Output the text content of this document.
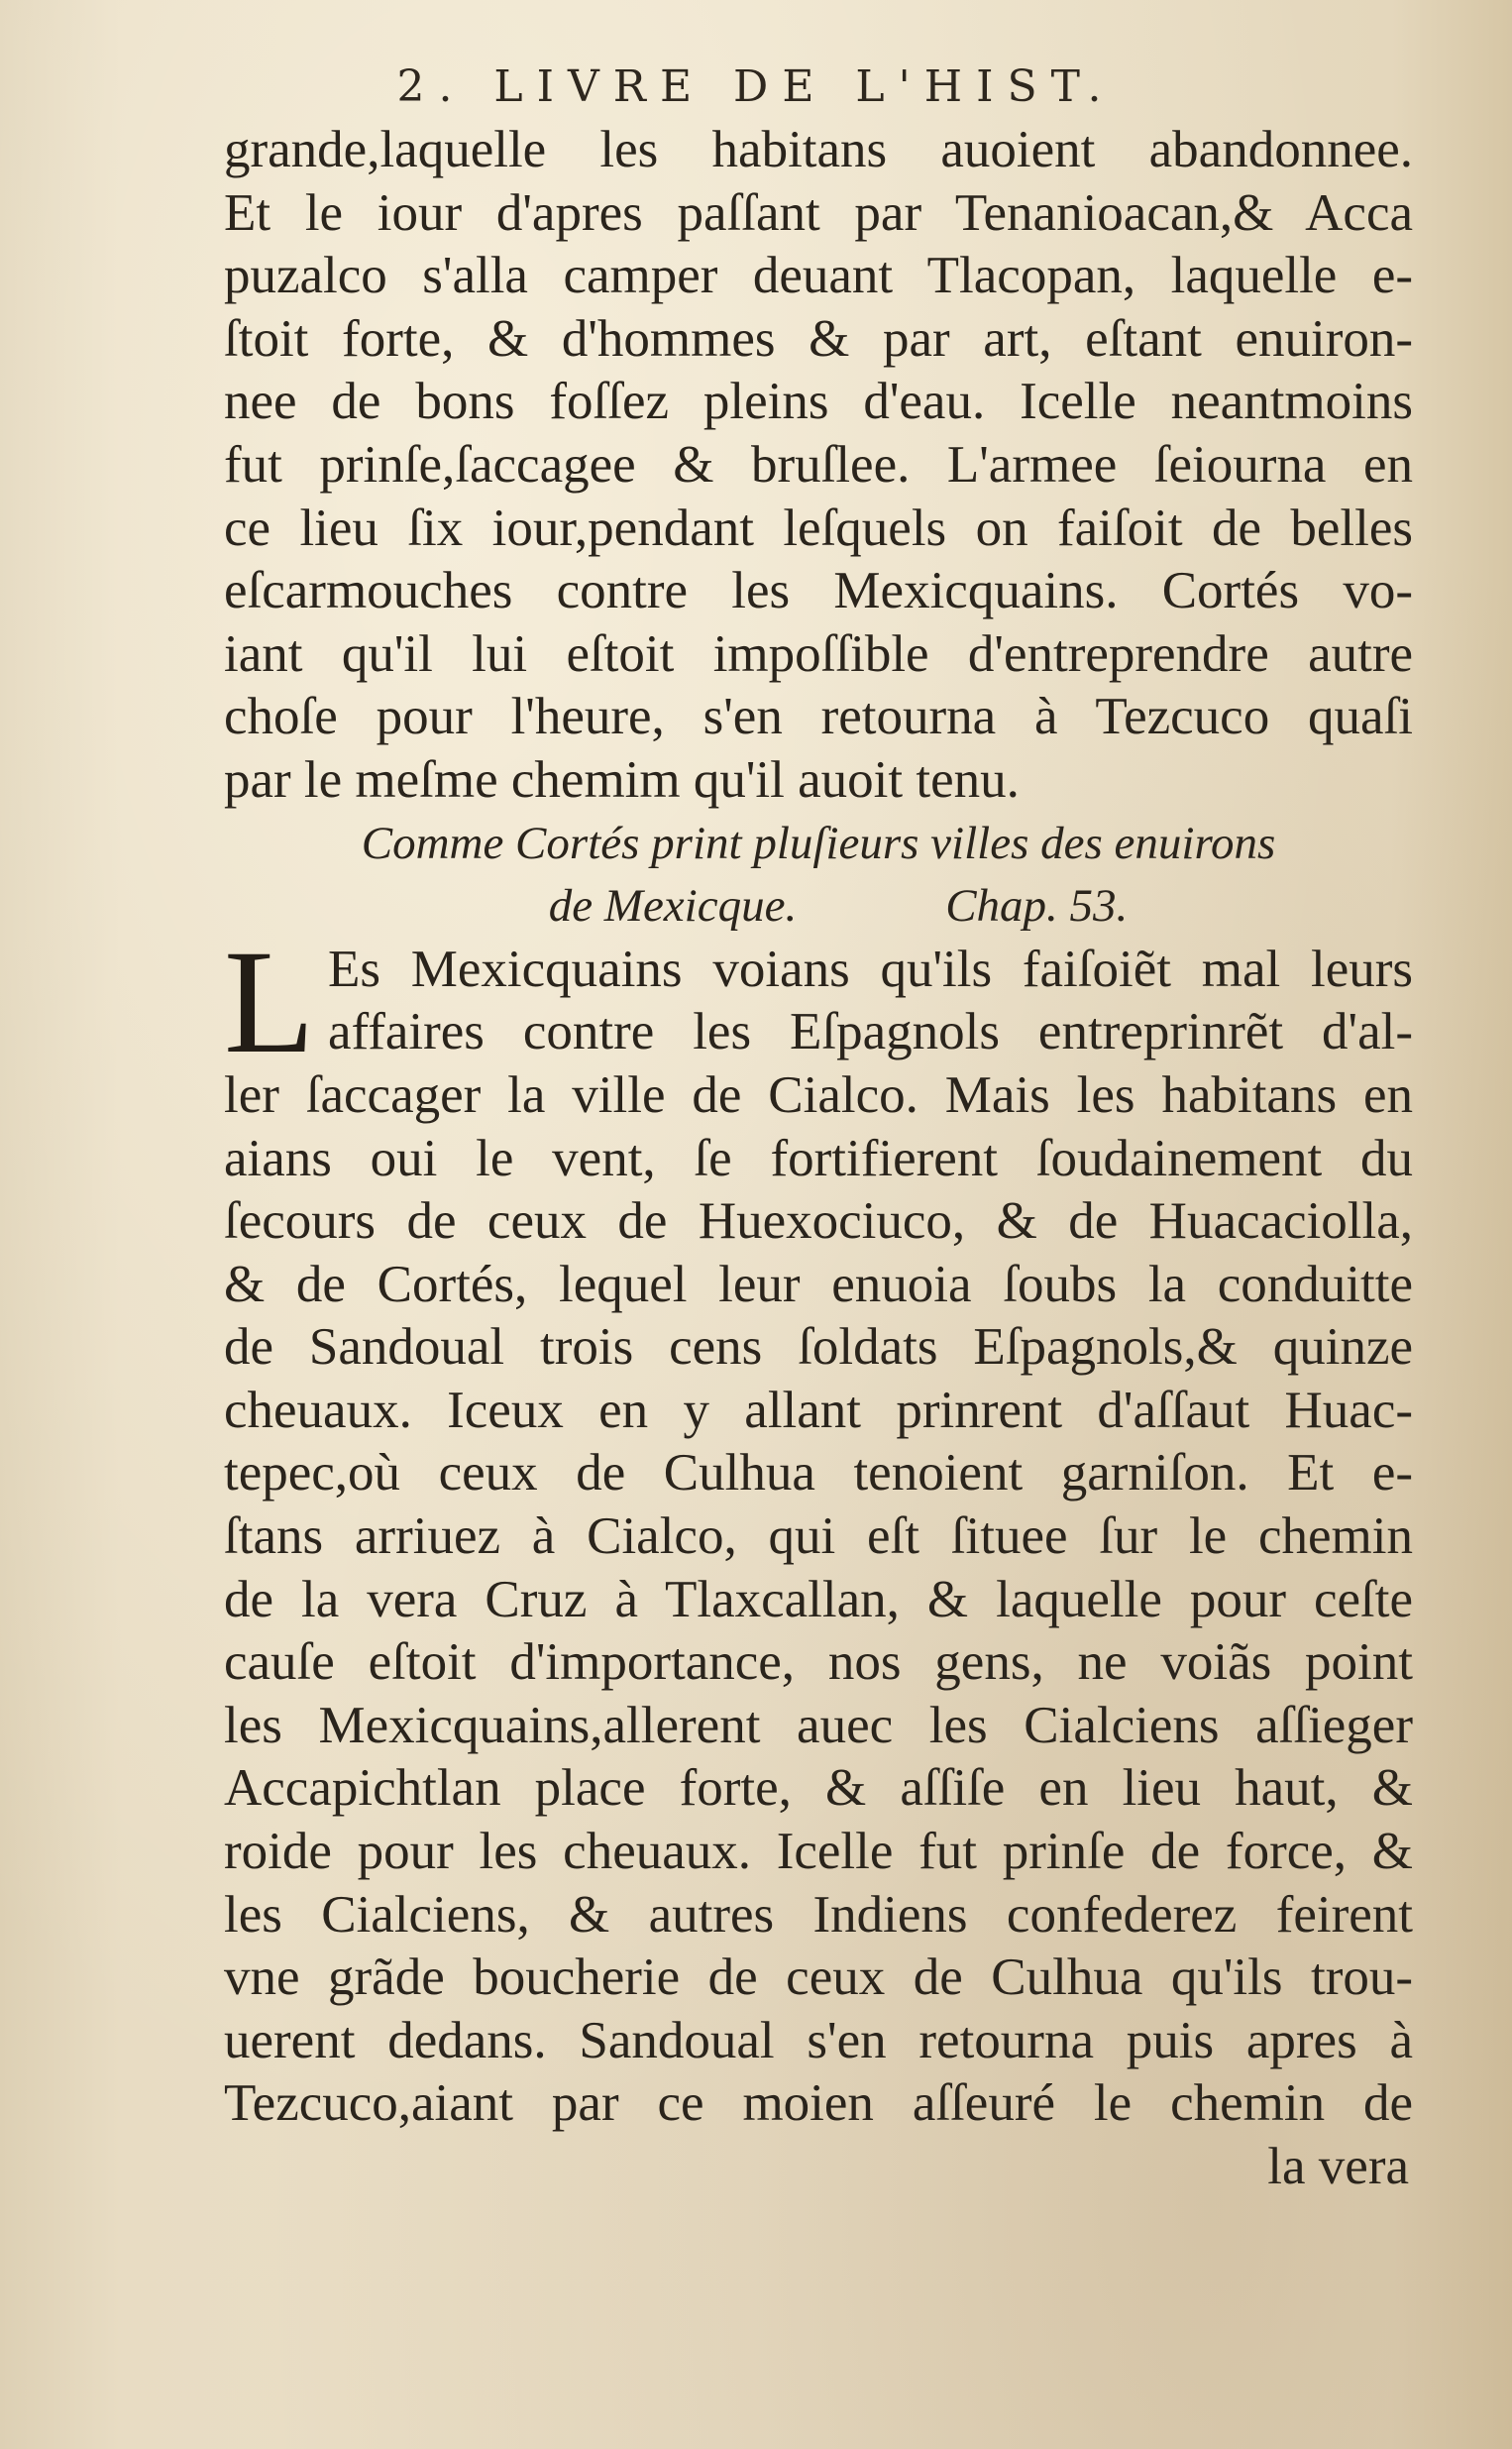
2. LIVRE DE L'HIST.
grande,laquelle les habitans auoient abandonnee.
Et le iour d'apres paſſant par Tenanioacan,& Acca
puzalco s'alla camper deuant Tlacopan, laquelle e-
ſtoit forte, & d'hommes & par art, eſtant enuiron-
nee de bons foſſez pleins d'eau. Icelle neantmoins
fut prinſe,ſaccagee & bruſlee. L'armee ſeiourna en
ce lieu ſix iour,pendant leſquels on faiſoit de belles
eſcarmouches contre les Mexicquains. Cortés vo-
iant qu'il lui eſtoit impoſſible d'entreprendre autre
choſe pour l'heure, s'en retourna à Tezcuco quaſi
par le meſme chemim qu'il auoit tenu.
Comme Cortés print pluſieurs villes des enuirons
de Mexicque.	Chap. 53.
L Es Mexicquains voians qu'ils faiſoiẽt mal leurs
affaires contre les Eſpagnols entreprinrẽt d'al-
ler ſaccager la ville de Cialco. Mais les habitans en
aians oui le vent, ſe fortifierent ſoudainement du
ſecours de ceux de Huexociuco, & de Huacaciolla,
& de Cortés, lequel leur enuoia ſoubs la conduitte
de Sandoual trois cens ſoldats Eſpagnols,& quinze
cheuaux. Iceux en y allant prinrent d'aſſaut Huac-
tepec,où ceux de Culhua tenoient garniſon. Et e-
ſtans arriuez à Cialco, qui eſt ſituee ſur le chemin
de la vera Cruz à Tlaxcallan, & laquelle pour ceſte
cauſe eſtoit d'importance, nos gens, ne voiãs point
les Mexicquains,allerent auec les Cialciens aſſieger
Accapichtlan place forte, & aſſiſe en lieu haut, &
roide pour les cheuaux. Icelle fut prinſe de force, &
les Cialciens, & autres Indiens confederez feirent
vne grãde boucherie de ceux de Culhua qu'ils trou-
uerent dedans. Sandoual s'en retourna puis apres à
Tezcuco,aiant par ce moien aſſeuré le chemin de
la vera
